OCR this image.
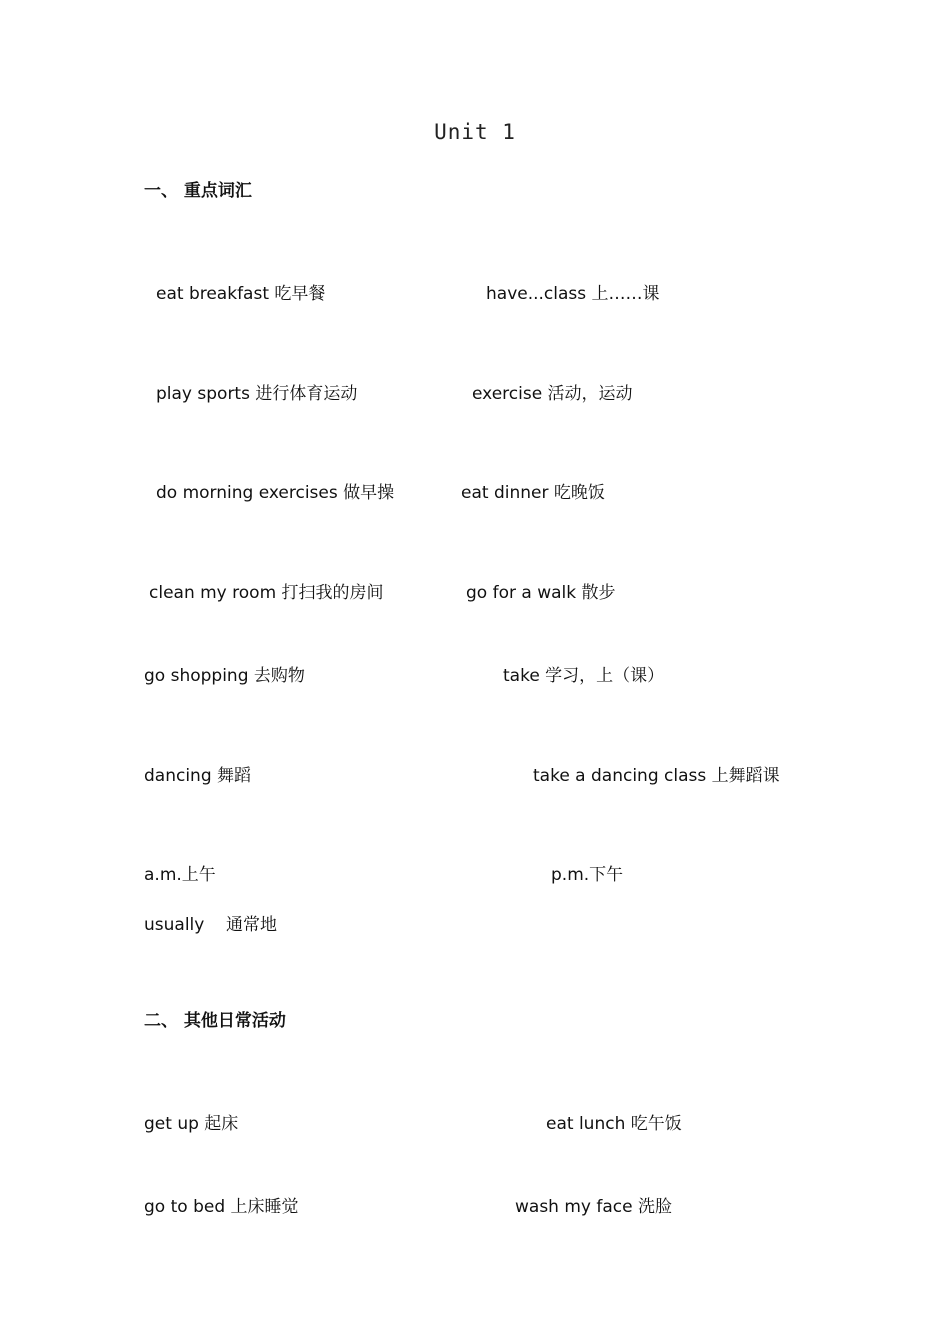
Unit 1
一、 重点词汇
eat breakfast 吃早餐	have...class 上……课
play sports 进行体育运动	exercise 活动，运动
do morning exercises 做早操	eat dinner 吃晚饭
clean my room 打扫我的房间	go for a walk 散步
go shopping 去购物	take 学习，上（课）
dancing 舞蹈	take a dancing class 上舞蹈课
a.m.上午	p.m.下午
usually    通常地
二、 其他日常活动
get up 起床	eat lunch 吃午饭
go to bed 上床睡觉	wash my face 洗脸
